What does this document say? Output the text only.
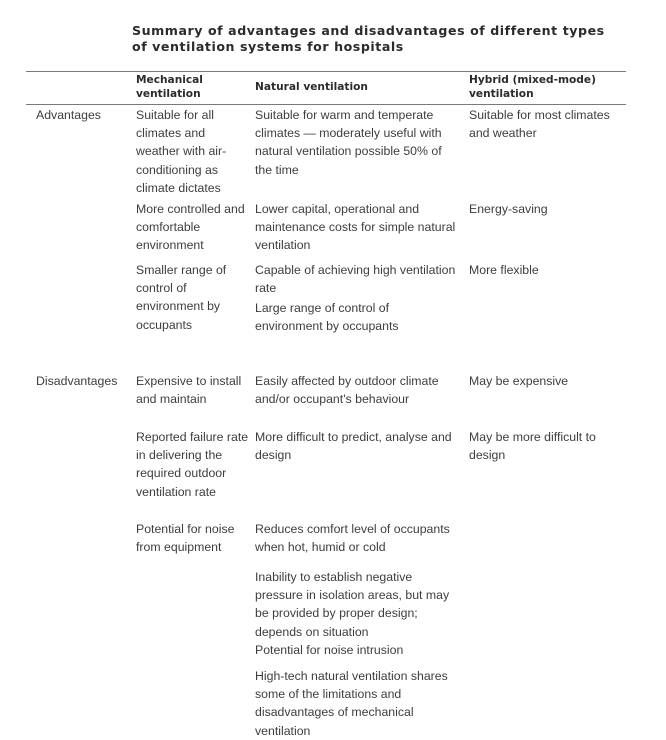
Summary of advantages and disadvantages of different types of ventilation systems for hospitals
Mechanical ventilation
Natural ventilation
Hybrid (mixed-mode) ventilation
Advantages	Suitable for all climates and weather with air-conditioning as climate dictates
More controlled and comfortable environment
Smaller range of control of environment by occupants
Suitable for warm and temperate climates — moderately useful with natural ventilation possible 50% of the time
Lower capital, operational and maintenance costs for simple natural ventilation
Capable of achieving high ventilation rate
Large range of control of environment by occupants
Suitable for most climates and weather
Energy-saving
More flexible
Disadvantages Expensive to install and maintain
Reported failure rate in delivering the required outdoor ventilation rate
Potential for noise from equipment
Easily affected by outdoor climate and/or occupant's behaviour
More difficult to predict, analyse and design
Reduces comfort level of occupants when hot, humid or cold
Inability to establish negative pressure in isolation areas, but may be provided by proper design; depends on situation
Potential for noise intrusion
High-tech natural ventilation shares some of the limitations and disadvantages of mechanical ventilation
May be expensive
May be more difficult to design
